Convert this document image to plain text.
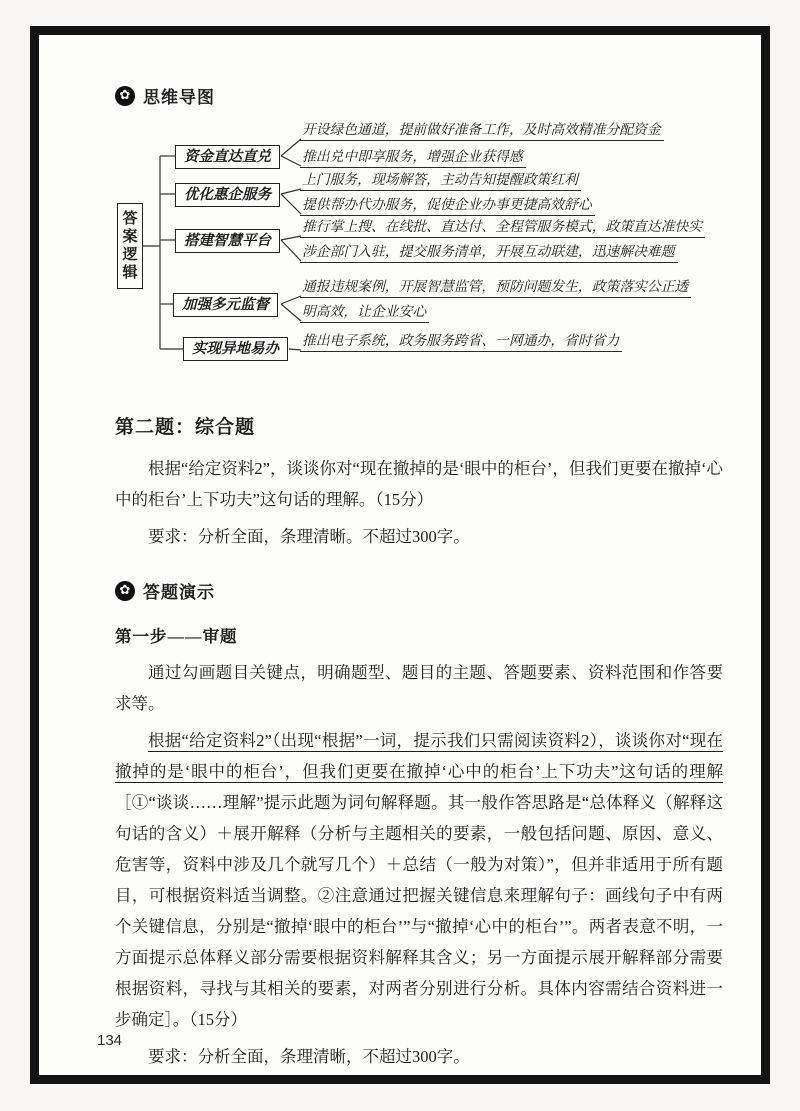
✿ 思维导图
答案逻辑
资金直达直兑
优化惠企服务
搭建智慧平台
加强多元监督
实现异地易办
开设绿色通道，提前做好准备工作，及时高效精准分配资金
推出兑中即享服务，增强企业获得感
上门服务，现场解答，主动告知提醒政策红利
提供帮办代办服务，促使企业办事更捷高效舒心
推行掌上搜、在线批、直达付、全程管服务模式，政策直达准快实
涉企部门入驻，提交服务清单，开展互动联建，迅速解决难题
通报违规案例，开展智慧监管，预防问题发生，政策落实公正透
明高效，让企业安心
推出电子系统，政务服务跨省、一网通办，省时省力
第二题：综合题

根据“给定资料2”，谈谈你对“现在撤掉的是‘眼中的柜台’，但我们更要在撤掉‘心中的柜台’上下功夫”这句话的理解。（15分）

要求：分析全面，条理清晰。不超过300字。

✿ 答题演示
第一步——审题

通过勾画题目关键点，明确题型、题目的主题、答题要素、资料范围和作答要求等。

根据“给定资料2”（出现“根据”一词，提示我们只需阅读资料2），谈谈你对“现在撤掉的是‘眼中的柜台’，但我们更要在撤掉‘心中的柜台’上下功夫”这句话的理解［①“谈谈……理解”提示此题为词句解释题。其一般作答思路是“总体释义（解释这句话的含义）＋展开解释（分析与主题相关的要素，一般包括问题、原因、意义、危害等，资料中涉及几个就写几个）＋总结（一般为对策）”，但并非适用于所有题目，可根据资料适当调整。②注意通过把握关键信息来理解句子：画线句子中有两个关键信息，分别是“撤掉‘眼中的柜台’”与“撤掉‘心中的柜台’”。两者表意不明，一方面提示总体释义部分需要根据资料解释其含义；另一方面提示展开解释部分需要根据资料，寻找与其相关的要素，对两者分别进行分析。具体内容需结合资料进一步确定］。（15分）

要求：分析全面，条理清晰，不超过300字。

134
